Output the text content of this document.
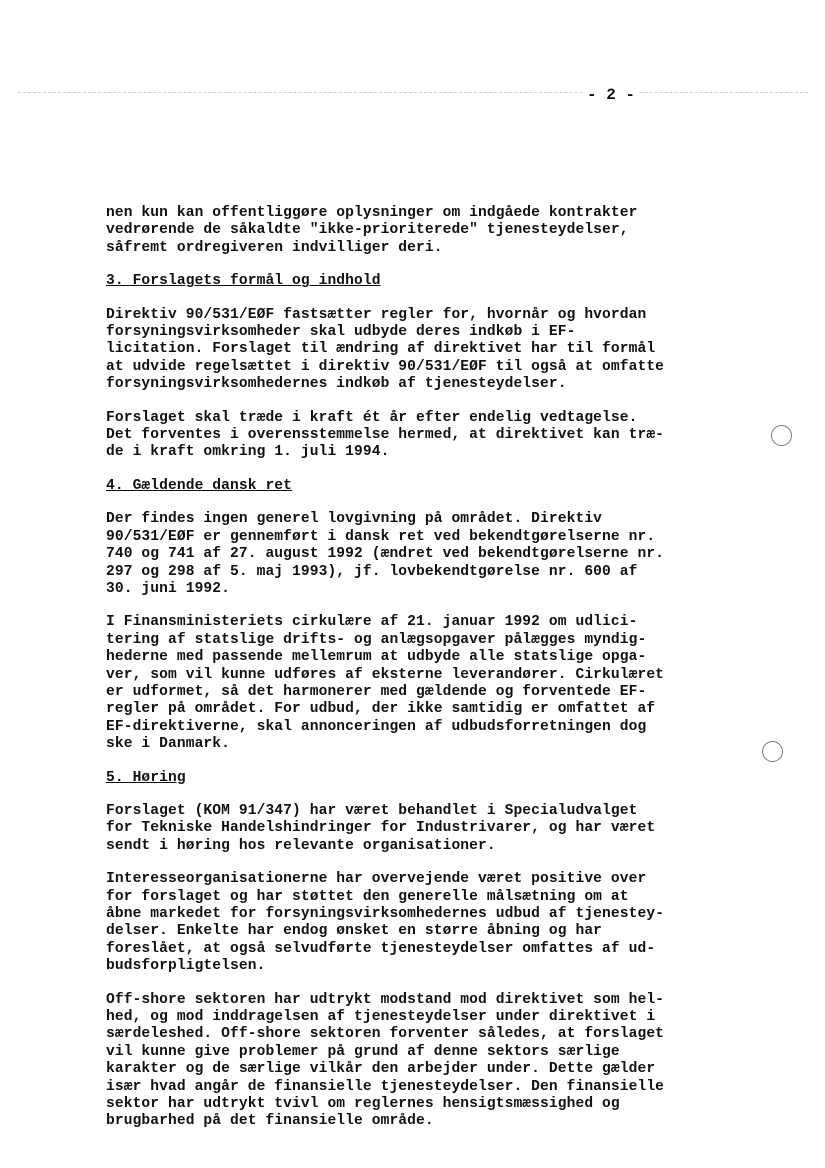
- 2 -
nen kun kan offentliggøre oplysninger om indgåede kontrakter
vedrørende de såkaldte "ikke-prioriterede" tjenesteydelser,
såfremt ordregiveren indvilliger deri.
3. Forslagets formål og indhold
Direktiv 90/531/EØF fastsætter regler for, hvornår og hvordan
forsyningsvirksomheder skal udbyde deres indkøb i EF-
licitation. Forslaget til ændring af direktivet har til formål
at udvide regelsættet i direktiv 90/531/EØF til også at omfatte
forsyningsvirksomhedernes indkøb af tjenesteydelser.
Forslaget skal træde i kraft ét år efter endelig vedtagelse.
Det forventes i overensstemmelse hermed, at direktivet kan træ-
de i kraft omkring 1. juli 1994.
4. Gældende dansk ret
Der findes ingen generel lovgivning på området. Direktiv
90/531/EØF er gennemført i dansk ret ved bekendtgørelserne nr.
740 og 741 af 27. august 1992 (ændret ved bekendtgørelserne nr.
297 og 298 af 5. maj 1993), jf. lovbekendtgørelse nr. 600 af
30. juni 1992.
I Finansministeriets cirkulære af 21. januar 1992 om udlici-
tering af statslige drifts- og anlægsopgaver pålægges myndig-
hederne med passende mellemrum at udbyde alle statslige opga-
ver, som vil kunne udføres af eksterne leverandører. Cirkulæret
er udformet, så det harmonerer med gældende og forventede EF-
regler på området. For udbud, der ikke samtidig er omfattet af
EF-direktiverne, skal annonceringen af udbudsforretningen dog
ske i Danmark.
5. Høring
Forslaget (KOM 91/347) har været behandlet i Specialudvalget
for Tekniske Handelshindringer for Industrivarer, og har været
sendt i høring hos relevante organisationer.
Interesseorganisationerne har overvejende været positive over
for forslaget og har støttet den generelle målsætning om at
åbne markedet for forsyningsvirksomhedernes udbud af tjenestey-
delser. Enkelte har endog ønsket en større åbning og har
foreslået, at også selvudførte tjenesteydelser omfattes af ud-
budsforpligtelsen.
Off-shore sektoren har udtrykt modstand mod direktivet som hel-
hed, og mod inddragelsen af tjenesteydelser under direktivet i
særdeleshed. Off-shore sektoren forventer således, at forslaget
vil kunne give problemer på grund af denne sektors særlige
karakter og de særlige vilkår den arbejder under. Dette gælder
især hvad angår de finansielle tjenesteydelser. Den finansielle
sektor har udtrykt tvivl om reglernes hensigtsmæssighed og
brugbarhed på det finansielle område.
